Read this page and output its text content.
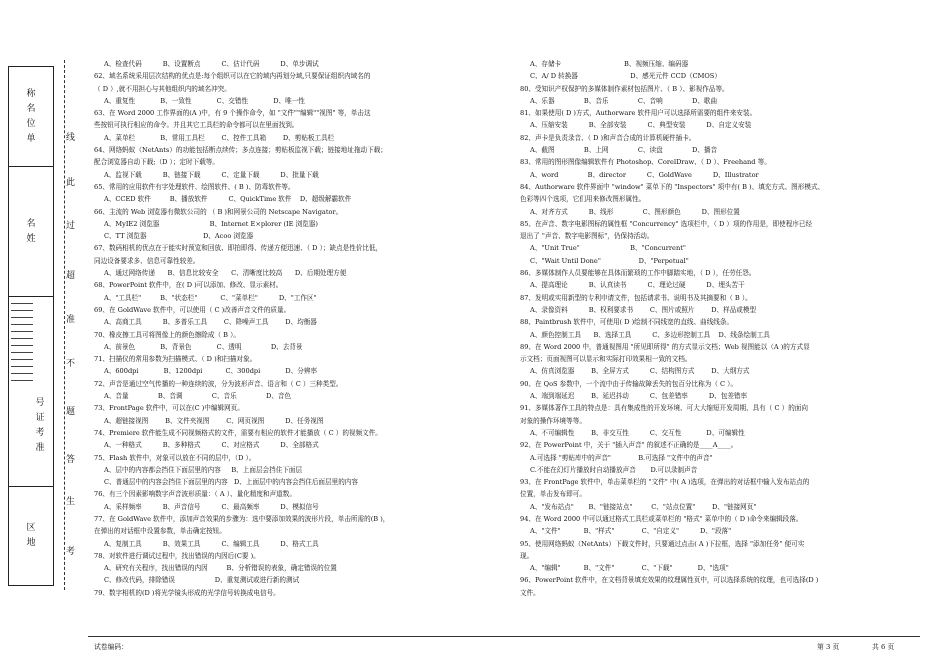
称名位单
名姓
号证考准
区地
线
此
过
超
准
不
题
答
生
考
A、检查代码          B、设置断点          C、估计代码          D、单步调试
62、域名系统采用层次结构的优点是:每个组织可以在它的域内再划分域,只要保证组织内域名的
（ D ）,就不用担心与其他组织内的域名冲突。
A、重复性            B、一致性            C、交错性            D、唯一性
63、在 Word 2000 工作界面的(A )中，有 9 个操作命令，如 "文件""编辑""视图" 等，单击这
些按钮可执行相应的命令。并且其它工具栏的命令都可以在里面找到。
A、菜单栏            B、常用工具栏        C、控件工具箱        D、剪贴板工具栏
64、网络蚂蚁（NetAnts）的功能包括断点续传；多点连接；剪贴板监视下载；链接地址拖动下载；
配合浏览器自动下载;（D ）；定时下载等。
A、监视下载          B、链接下载          C、定量下载          D、批量下载
65、常用的应用软件有字处理软件、绘图软件、( B )、防毒软件等。
A、CCED 软件         B、播放软件          C、QuickTime 软件    D、超级解霸软件
66、主流的 Web 浏览器有微软公司的 （ B )和网景公司的 Netscape Navigator。
A、MyIE2 浏览器                        B、Internet E×plorer (IE 浏览器)
C、TT 浏览器                           D、Acoo 浏览器
67、数码相机的优点在于能实时预览和回放、即拍即得、传递方便迅速、（ D ）；缺点是性价比低，
同边设备要求多、信息可靠性较差。
A、通过网络传递      B、信息比较安全      C、清晰度比较高      D、后期处理方便
68、PowerPoint 软件中，在( D )可以添加、修改、显示素材。
A、"工具栏"         B、"状态栏"           C、"菜单栏"          D、"工作区"
69、在 GoldWave 软件中，可以使用（ C )改善声音文件的质量。
A、高商工具          B、多普乐工具        C、降噪声工具        D、均衡器
70、橡皮擦工具可将图像上的颜色擦除成（ B ）。
A、前景色            B、背景色            C、透明              D、去背景
71、扫描仪的常用参数为扫描模式、（ D )和扫描对象。
A、600dpi            B、1200dpi           C、300dpi            D、分辨率
72、声音是通过空气传播的一种连续的波，分为波形声音、语言和（ C ）三种类型。
A、音量              B、音调              C、音乐              D、音色
73、FrontPage 软件中，可以在(C )中编辑网页。
A、超链接视图        B、文件夹视图        C、网页视图          D、任务视图
74、Premiere 软件能生成不同视频格式的文件，需要有相应的软件才能播放（ C ）的视频文件。
A、一种格式          B、多种格式          C、对应格式          D、全部格式
75、Flash 软件中，对象可以放在不同的层中，（D ）。
A、层中的内容都会挡住下面层里的内容     B、上面层会挡住下面层
C、普通层中的内容会挡住下面层里的内容   D、上面层中的内容会挡住后面层里的内容
76、有三个因素影响数字声音波形质量：（ A ）、量化精度和声道数。
A、采样频率          B、声音信号          C、最高频率          D、模拟信号
77、在 GoldWave 软件中，添加声音效果的步骤为：选中要添加效果的波形片段，单击所需的(B )，
在弹出的对话框中设置参数，单击确定按钮。
A、复制工具          B、效果工具          C、编辑工具          D、格式工具
78、对软件进行调试过程中，找出错误的内因后(C要 )。
A、研究有关程序，找出错误的内因         B、分析错误的表象，确定错误的位置
C、修改代码，排除错误                   D、重复测试或进行新的测试
79、数字相机的(D )将光学镜头形成的光学信号转换成电信号。
A、存储卡                              B、视频压缩、编码器
C、A/ D 转换器                         D、感光元件 CCD（CMOS）
80、受知识产权保护的多媒体制作素材包括图片、（ B ）、影视作品等。
A、乐器              B、音乐              C、音响              D、歌曲
81、如果使用( D )方式，Authorware 软件用户可以选择所需要的组件来安装。
A、压缩安装          B、全部安装          C、典型安装          D、自定义安装
82、声卡是负责录音、（ D )和声音合成的计算机硬件插卡。
A、截图              B、上网              C、读盘              D、播音
83、常用的图形图像编辑软件有 Photoshop、CorelDraw、（ D ）、Freehand 等。
A、word              B、director          C、GoldWave          D、Illustrator
84、Authorware 软件界面中 "window" 菜单下的 "Inspectors" 项中有( B )、填充方式、图形模式、
色彩等四个选项，它们用来修改图形属性。
A、对齐方式          B、线形              C、图形颜色          D、图形位置
85、在声音、数字电影图标的属性框 "Concurrency" 选项栏中，（ D ）项的作用是，即使程序已经
退出了 "声音、数字电影图标"，仍保持活动。
A、"Unit True"                        B、"Concurrent"
C、"Wait Until Done"                  D、"Perpetual"
86、多媒体制作人员要能够在具体而繁琐的工作中脚踏实地，（ D ），任劳任怨。
A、提高理论          B、认真读书          C、理论过硬          D、埋头苦干
87、发明或实用新型的专利申请文件，包括请求书、说明书及其摘要和（ B ）。
A、录像资料          B、权利要求书        C、图片或照片        D、样品或模型
88、Paintbrush 软件中，可使用( D )绘制不同线宽的直线、曲线线条。
A、颜色控制工具      B、选择工具          C、多边形控制工具    D、线条绘制工具
89、在 Word 2000 中，普通视图用 "所见即所得" 的方式显示文档；Web 视图能以（A )的方式显
示文档；页面视图可以显示和实际打印效果相一致的文档。
A、仿真浏览器        B、全屏方式          C、结构图方式        D、大纲方式
90、在 QoS 参数中，一个流中由于传输故障丢失的包百分比称为（ C ）。
A、端到端延迟        B、延迟抖动          C、包差错率          D、包差错率
91、多媒体著作工具的特点是：具有集成性的开发环境、可大大缩短开发周期、具有（ C ）的面向
对象的操作环境等等。
A、不可编辑性        B、非交互性          C、交互性            D、可编辑性
92、在 PowerPoint 中，关于 "插入声音" 的叙述不正确的是____A____。
A.可选择 "剪贴库中的声音"             B.可选择 "文件中的声音"
C.不能在幻灯片播放时自动播放声音       D.可以录制声音
93、在 FrontPage 软件中，单击菜单栏的 "文件" 中( A )选项，在弹出的对话框中输入发布站点的
位置，单击发布即可。
A、"发布站点"       B、"链接站点"         C、"站点位置"        D、"链接网页"
94、在 Word 2000 中可以通过格式工具栏或菜单栏的 "格式" 菜单中的（ D )命令来编辑段落。
A、"文件"           B、"样式"             C、"自定义"          D、"段落"
95、使用网络蚂蚁（NetAnts）下载文件时，只要通过点击( A )下拉框，选择 "添加任务" 便可实
现。
A、"编辑"           B、"文件"             C、"下载"            D、"选项"
96、PowerPoint 软件中，在文档背景填充效果的纹理属性页中，可以选择系统的纹理，也可选择(D )
文件。
试卷编码：	第 3 页	共 6 页
